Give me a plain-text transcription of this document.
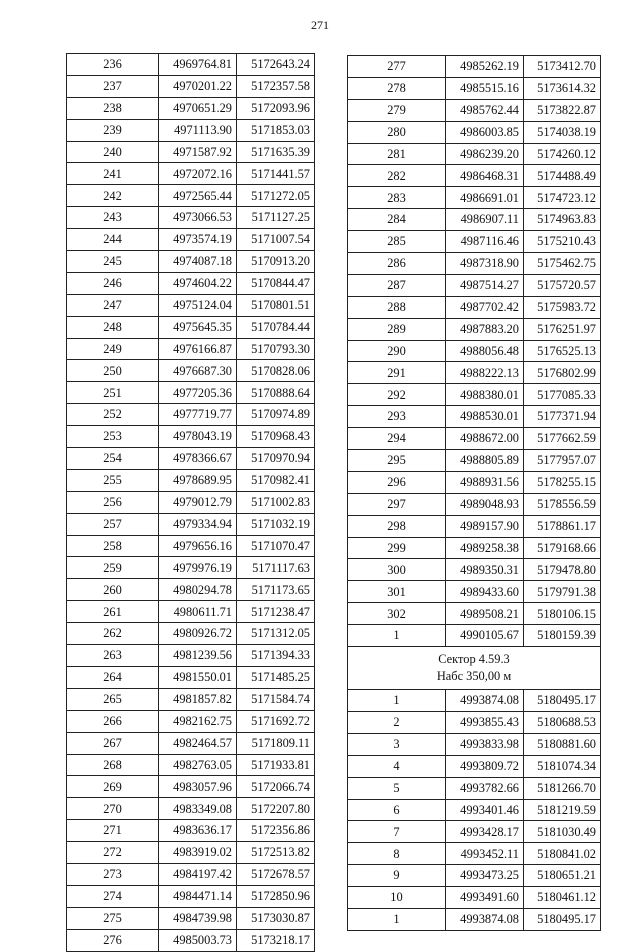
271
236	4969764.81	5172643.24
237	4970201.22	5172357.58
238	4970651.29	5172093.96
239	4971113.90	5171853.03
240	4971587.92	5171635.39
241	4972072.16	5171441.57
242	4972565.44	5171272.05
243	4973066.53	5171127.25
244	4973574.19	5171007.54
245	4974087.18	5170913.20
246	4974604.22	5170844.47
247	4975124.04	5170801.51
248	4975645.35	5170784.44
249	4976166.87	5170793.30
250	4976687.30	5170828.06
251	4977205.36	5170888.64
252	4977719.77	5170974.89
253	4978043.19	5170968.43
254	4978366.67	5170970.94
255	4978689.95	5170982.41
256	4979012.79	5171002.83
257	4979334.94	5171032.19
258	4979656.16	5171070.47
259	4979976.19	5171117.63
260	4980294.78	5171173.65
261	4980611.71	5171238.47
262	4980926.72	5171312.05
263	4981239.56	5171394.33
264	4981550.01	5171485.25
265	4981857.82	5171584.74
266	4982162.75	5171692.72
267	4982464.57	5171809.11
268	4982763.05	5171933.81
269	4983057.96	5172066.74
270	4983349.08	5172207.80
271	4983636.17	5172356.86
272	4983919.02	5172513.82
273	4984197.42	5172678.57
274	4984471.14	5172850.96
275	4984739.98	5173030.87
276	4985003.73	5173218.17
277	4985262.19	5173412.70
278	4985515.16	5173614.32
279	4985762.44	5173822.87
280	4986003.85	5174038.19
281	4986239.20	5174260.12
282	4986468.31	5174488.49
283	4986691.01	5174723.12
284	4986907.11	5174963.83
285	4987116.46	5175210.43
286	4987318.90	5175462.75
287	4987514.27	5175720.57
288	4987702.42	5175983.72
289	4987883.20	5176251.97
290	4988056.48	5176525.13
291	4988222.13	5176802.99
292	4988380.01	5177085.33
293	4988530.01	5177371.94
294	4988672.00	5177662.59
295	4988805.89	5177957.07
296	4988931.56	5178255.15
297	4989048.93	5178556.59
298	4989157.90	5178861.17
299	4989258.38	5179168.66
300	4989350.31	5179478.80
301	4989433.60	5179791.38
302	4989508.21	5180106.15
1	4990105.67	5180159.39
Сектор 4.59.3
Набс 350,00 м		
1	4993874.08	5180495.17
2	4993855.43	5180688.53
3	4993833.98	5180881.60
4	4993809.72	5181074.34
5	4993782.66	5181266.70
6	4993401.46	5181219.59
7	4993428.17	5181030.49
8	4993452.11	5180841.02
9	4993473.25	5180651.21
10	4993491.60	5180461.12
1	4993874.08	5180495.17
